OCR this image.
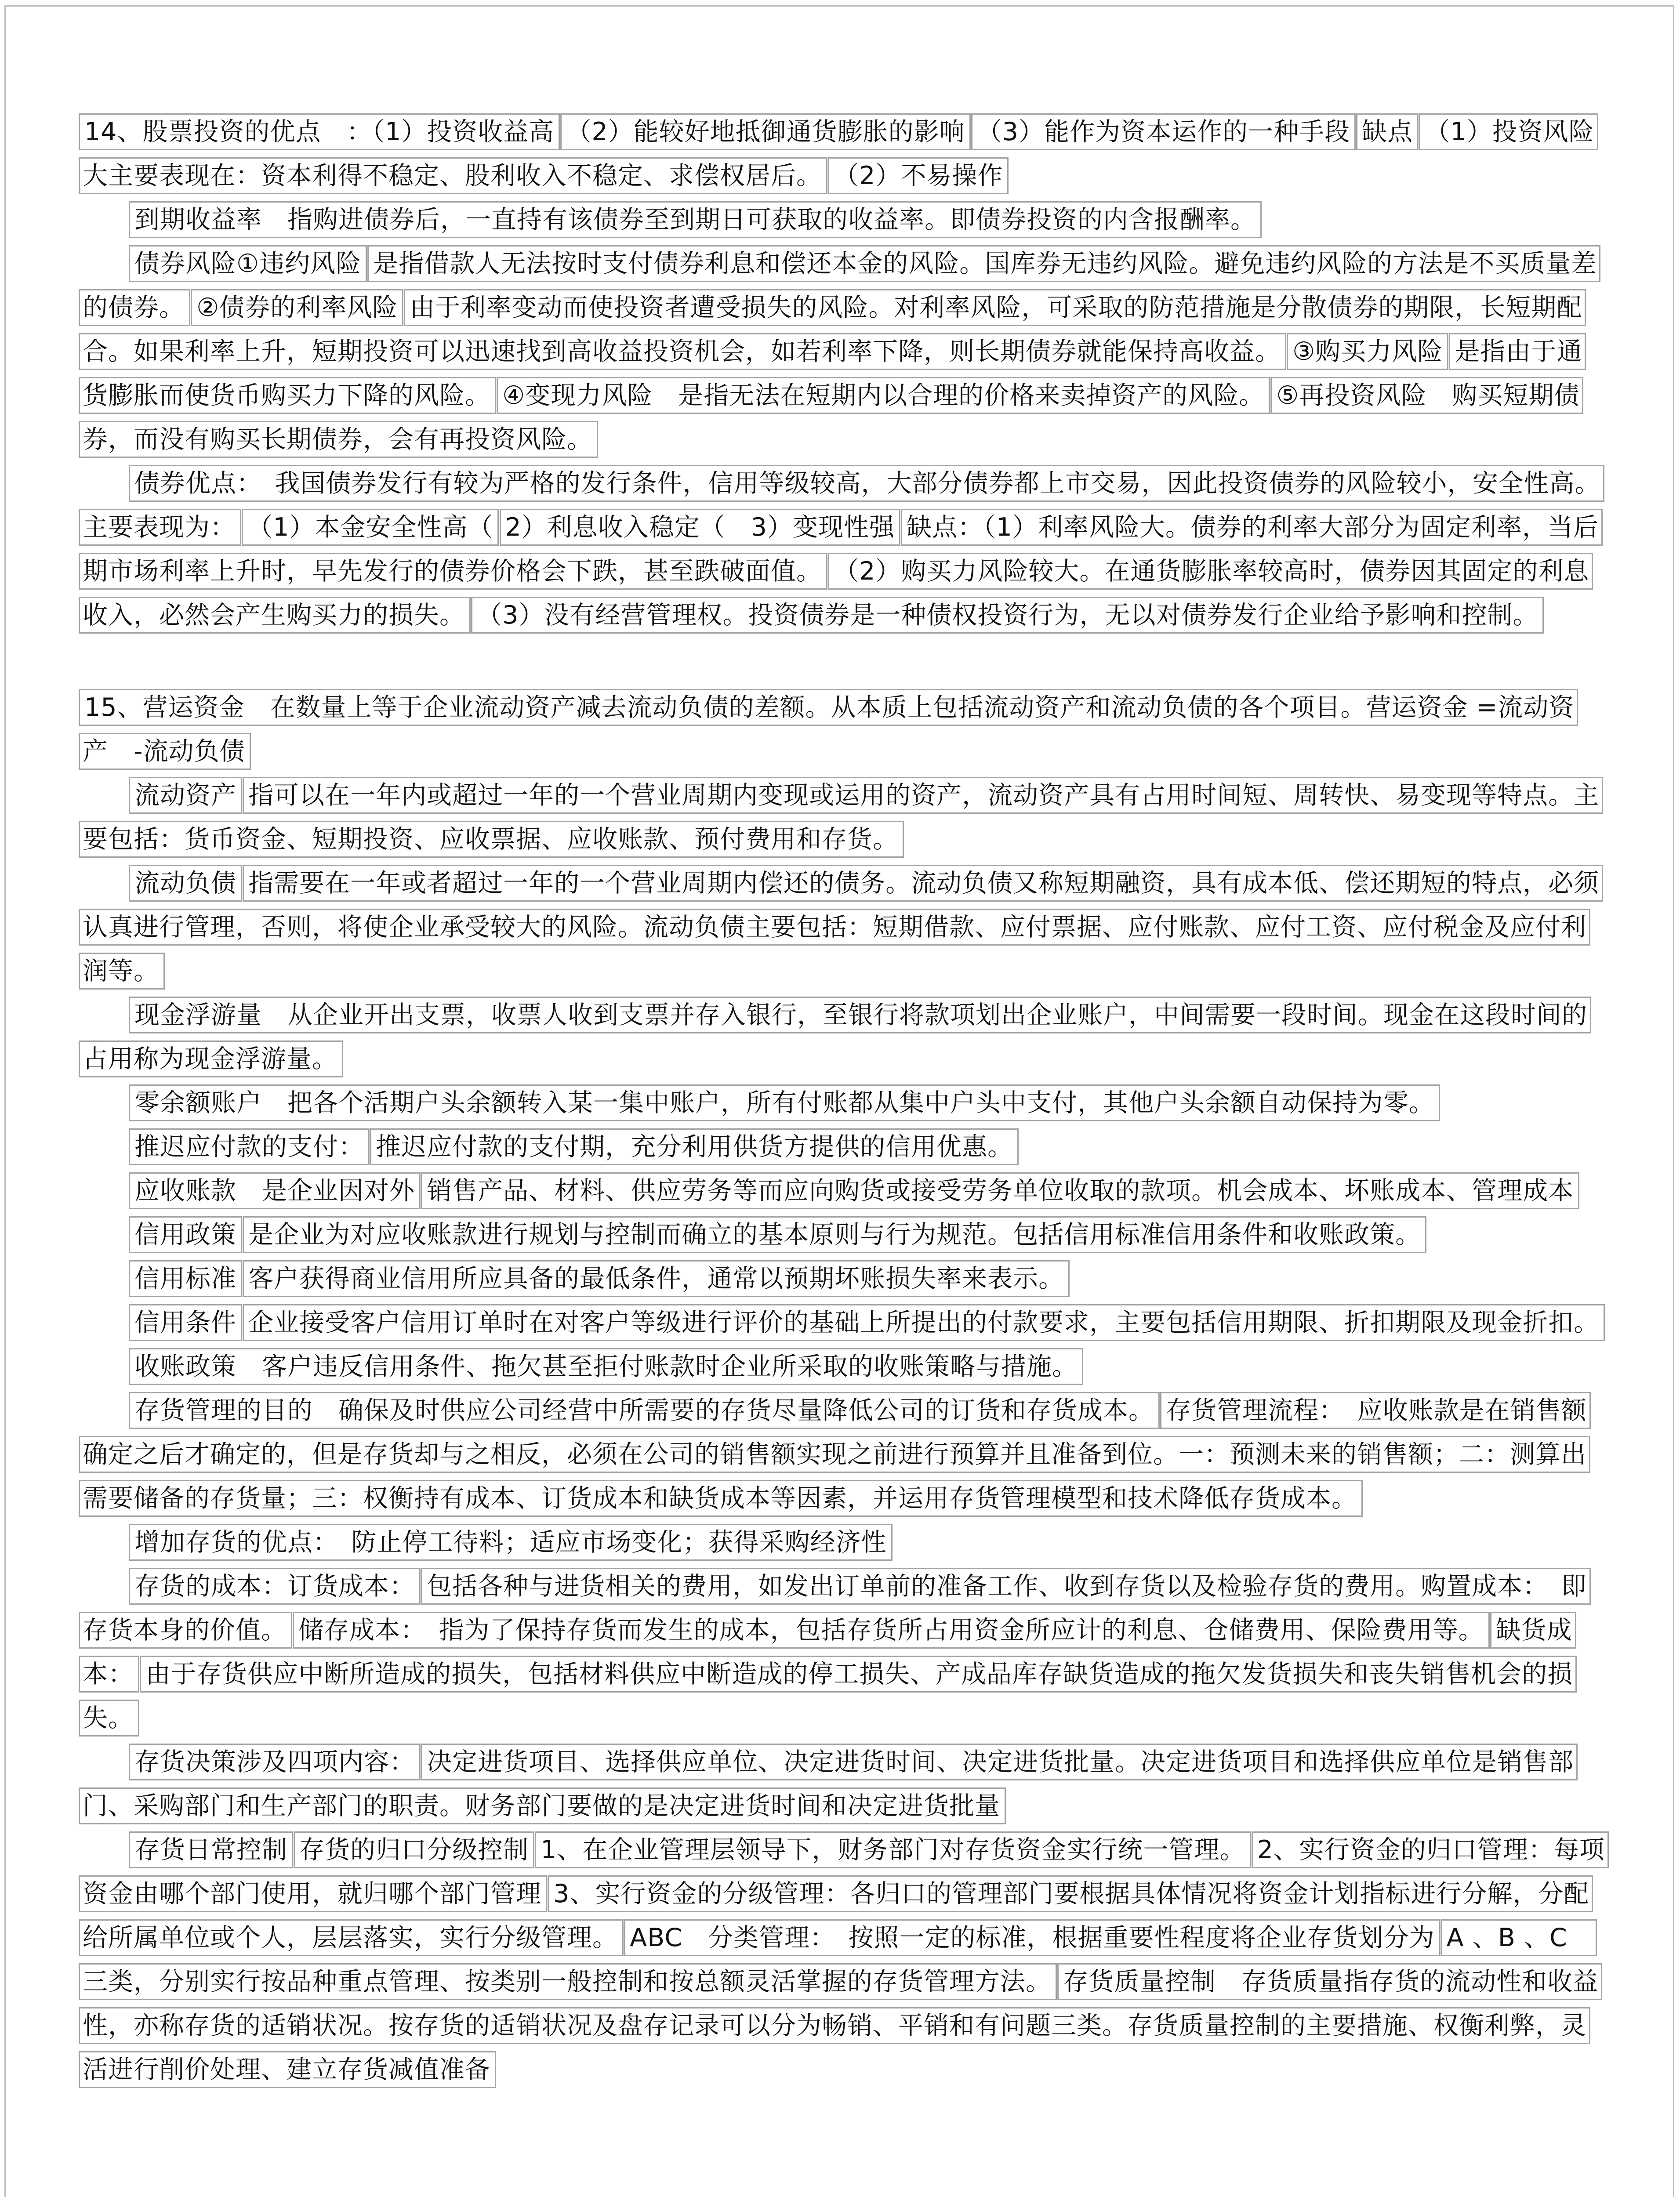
14、股票投资的优点　：（1）投资收益高 （2）能较好地抵御通货膨胀的影响 （3）能作为资本运作的一种手段 缺点 （1）投资风险大主要表现在：资本利得不稳定、股利收入不稳定、求偿权居后。 （2）不易操作

到期收益率　指购进债券后，一直持有该债券至到期日可获取的收益率。即债券投资的内含报酬率。

债券风险①违约风险 是指借款人无法按时支付债券利息和偿还本金的风险。国库券无违约风险。避免违约风险的方法是不买质量差的债券。 ②债券的利率风险 由于利率变动而使投资者遭受损失的风险。对利率风险，可采取的防范措施是分散债券的期限，长短期配合。如果利率上升，短期投资可以迅速找到高收益投资机会，如若利率下降，则长期债券就能保持高收益。 ③购买力风险 是指由于通货膨胀而使货币购买力下降的风险。 ④变现力风险　是指无法在短期内以合理的价格来卖掉资产的风险。 ⑤再投资风险　购买短期债券，而没有购买长期债券，会有再投资风险。

债券优点：　我国债券发行有较为严格的发行条件，信用等级较高，大部分债券都上市交易，因此投资债券的风险较小，安全性高。主要表现为： （1）本金安全性高（ 2）利息收入稳定（　3）变现性强 缺点：（1）利率风险大。债券的利率大部分为固定利率，当后期市场利率上升时，早先发行的债券价格会下跌，甚至跌破面值。 （2）购买力风险较大。在通货膨胀率较高时，债券因其固定的利息收入，必然会产生购买力的损失。 （3）没有经营管理权。投资债券是一种债权投资行为，无以对债券发行企业给予影响和控制。

15、营运资金　在数量上等于企业流动资产减去流动负债的差额。从本质上包括流动资产和流动负债的各个项目。营运资金 =流动资产　-流动负债

流动资产 指可以在一年内或超过一年的一个营业周期内变现或运用的资产，流动资产具有占用时间短、周转快、易变现等特点。主要包括：货币资金、短期投资、应收票据、应收账款、预付费用和存货。

流动负债 指需要在一年或者超过一年的一个营业周期内偿还的债务。流动负债又称短期融资，具有成本低、偿还期短的特点，必须认真进行管理，否则，将使企业承受较大的风险。流动负债主要包括：短期借款、应付票据、应付账款、应付工资、应付税金及应付利润等。

现金浮游量　从企业开出支票，收票人收到支票并存入银行，至银行将款项划出企业账户，中间需要一段时间。现金在这段时间的占用称为现金浮游量。

零余额账户　把各个活期户头余额转入某一集中账户，所有付账都从集中户头中支付，其他户头余额自动保持为零。

推迟应付款的支付： 推迟应付款的支付期，充分利用供货方提供的信用优惠。

应收账款　是企业因对外 销售产品、材料、供应劳务等而应向购货或接受劳务单位收取的款项。机会成本、坏账成本、管理成本

信用政策 是企业为对应收账款进行规划与控制而确立的基本原则与行为规范。包括信用标准信用条件和收账政策。

信用标准 客户获得商业信用所应具备的最低条件，通常以预期坏账损失率来表示。

信用条件 企业接受客户信用订单时在对客户等级进行评价的基础上所提出的付款要求，主要包括信用期限、折扣期限及现金折扣。

收账政策　客户违反信用条件、拖欠甚至拒付账款时企业所采取的收账策略与措施。

存货管理的目的　确保及时供应公司经营中所需要的存货尽量降低公司的订货和存货成本。 存货管理流程：　应收账款是在销售额确定之后才确定的，但是存货却与之相反，必须在公司的销售额实现之前进行预算并且准备到位。一：预测未来的销售额；二：测算出需要储备的存货量；三：权衡持有成本、订货成本和缺货成本等因素，并运用存货管理模型和技术降低存货成本。

增加存货的优点：　防止停工待料；适应市场变化；获得采购经济性

存货的成本：订货成本： 包括各种与进货相关的费用，如发出订单前的准备工作、收到存货以及检验存货的费用。购置成本：　即存货本身的价值。 储存成本：　指为了保持存货而发生的成本，包括存货所占用资金所应计的利息、仓储费用、保险费用等。 缺货成本： 由于存货供应中断所造成的损失，包括材料供应中断造成的停工损失、产成品库存缺货造成的拖欠发货损失和丧失销售机会的损失。

存货决策涉及四项内容： 决定进货项目、选择供应单位、决定进货时间、决定进货批量。决定进货项目和选择供应单位是销售部门、采购部门和生产部门的职责。财务部门要做的是决定进货时间和决定进货批量

存货日常控制 存货的归口分级控制 1、在企业管理层领导下，财务部门对存货资金实行统一管理。 2、实行资金的归口管理：每项资金由哪个部门使用，就归哪个部门管理 3、实行资金的分级管理：各归口的管理部门要根据具体情况将资金计划指标进行分解，分配给所属单位或个人，层层落实，实行分级管理。 ABC　分类管理：　按照一定的标准，根据重要性程度将企业存货划分为 A 、B 、C　三类，分别实行按品种重点管理、按类别一般控制和按总额灵活掌握的存货管理方法。 存货质量控制　存货质量指存货的流动性和收益性，亦称存货的适销状况。按存货的适销状况及盘存记录可以分为畅销、平销和有问题三类。存货质量控制的主要措施、权衡利弊，灵活进行削价处理、建立存货减值准备
